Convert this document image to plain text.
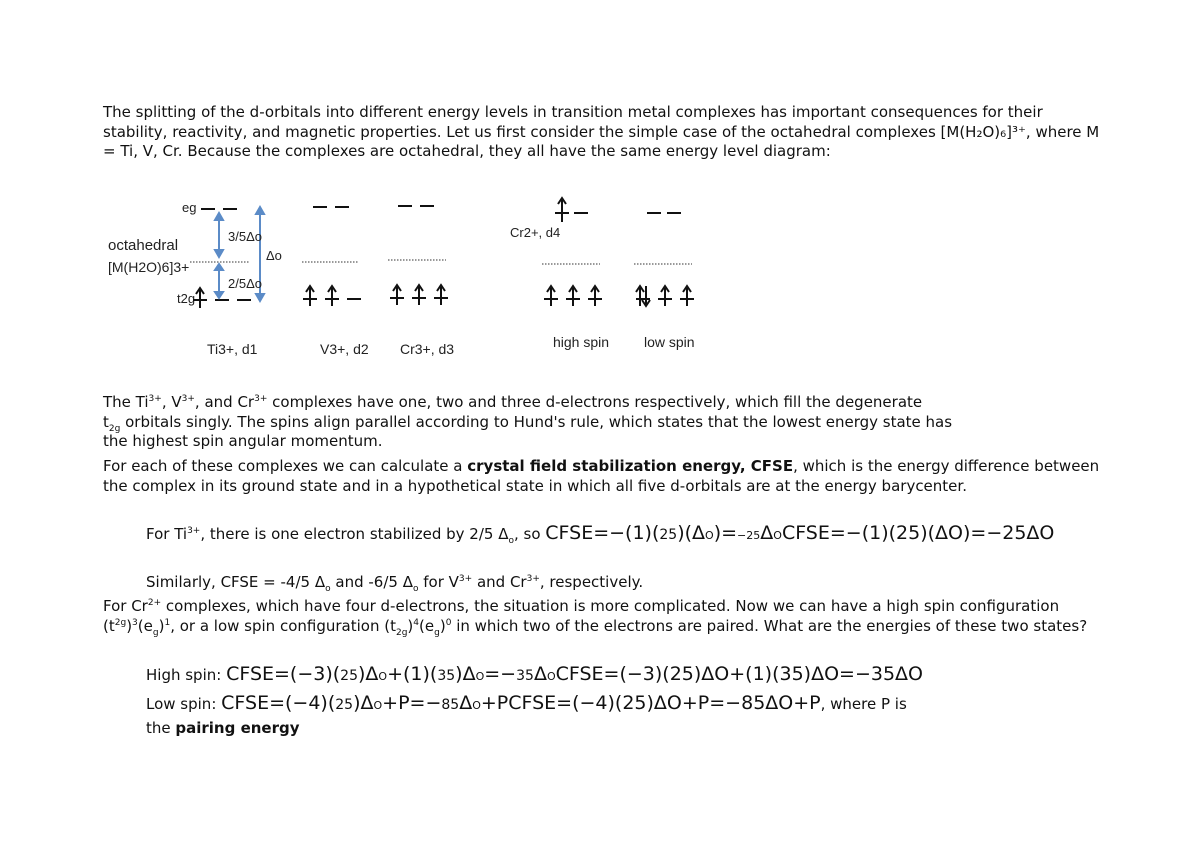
The splitting of the d-orbitals into different energy levels in transition metal complexes has important consequences for their stability, reactivity, and magnetic properties. Let us first consider the simple case of the octahedral complexes [M(H₂O)₆]³⁺, where M = Ti, V, Cr. Because the complexes are octahedral, they all have the same energy level diagram:

eg
octahedral
[M(H2O)6]3+
t2g
3/5Δo
2/5Δo
Δo
Ti3+, d1	V3+, d2 Cr3+, d3
Cr2+, d4
high spin low spin

The $Ti^{3+}$, $V^{3+}$, and $Cr^{3+}$ complexes have one, two and three d-electrons respectively, which fill the degenerate
$t_{2g}$ orbitals singly. The spins align parallel according to Hund's rule, which states that the lowest energy state has
the highest spin angular momentum.

For each of these complexes we can calculate a crystal field stabilization energy, CFSE, which is the energy difference between the complex in its ground state and in a hypothetical state in which all five d-orbitals are at the energy barycenter.

For $Ti^{3+}$, there is one electron stabilized by 2/5 $\Delta_o$, so CFSE=−(1)(25)(ΔO)=−25ΔOCFSE=−(1)(25)(ΔO)=−25ΔO

Similarly, CFSE = -4/5 $\Delta_o$ and -6/5 $\Delta_o$ for $V^{3+}$ and $Cr^{3+}$, respectively.

For $Cr^{2+}$ complexes, which have four d-electrons, the situation is more complicated. Now we can have a high spin configuration $(t^{2g})^3(e_g)^1$, or a low spin configuration $(t_{2g})^4(e_g)^0$ in which two of the electrons are paired. What are the energies of these two states?

High spin: CFSE=(−3)(25)ΔO+(1)(35)ΔO=−35ΔOCFSE=(−3)(25)ΔO+(1)(35)ΔO=−35ΔO

Low spin: CFSE=(−4)(25)ΔO+P=−85ΔO+PCFSE=(−4)(25)ΔO+P=−85ΔO+P, where P is
the pairing energy
